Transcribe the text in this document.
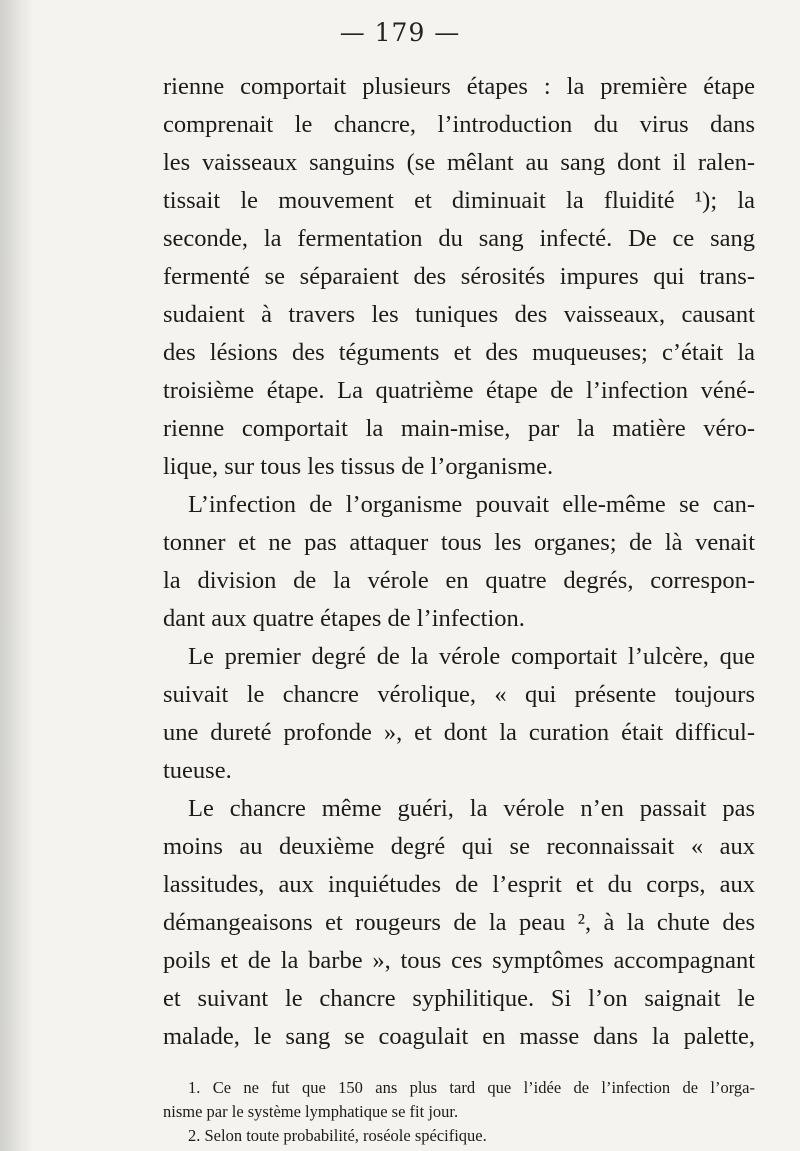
— 179 —
rienne comportait plusieurs étapes : la première étape
comprenait le chancre, l’introduction du virus dans
les vaisseaux sanguins (se mêlant au sang dont il ralen-
tissait le mouvement et diminuait la fluidité ¹); la
seconde, la fermentation du sang infecté. De ce sang
fermenté se séparaient des sérosités impures qui trans-
sudaient à travers les tuniques des vaisseaux, causant
des lésions des téguments et des muqueuses; c’était la
troisième étape. La quatrième étape de l’infection véné-
rienne comportait la main-mise, par la matière véro-
lique, sur tous les tissus de l’organisme.
L’infection de l’organisme pouvait elle-même se can-
tonner et ne pas attaquer tous les organes; de là venait
la division de la vérole en quatre degrés, correspon-
dant aux quatre étapes de l’infection.
Le premier degré de la vérole comportait l’ulcère, que
suivait le chancre vérolique, « qui présente toujours
une dureté profonde », et dont la curation était difficul-
tueuse.
Le chancre même guéri, la vérole n’en passait pas
moins au deuxième degré qui se reconnaissait « aux
lassitudes, aux inquiétudes de l’esprit et du corps, aux
démangeaisons et rougeurs de la peau ², à la chute des
poils et de la barbe », tous ces symptômes accompagnant
et suivant le chancre syphilitique. Si l’on saignait le
malade, le sang se coagulait en masse dans la palette,
1. Ce ne fut que 150 ans plus tard que l’idée de l’infection de l’orga-
nisme par le système lymphatique se fit jour.
2. Selon toute probabilité, roséole spécifique.
